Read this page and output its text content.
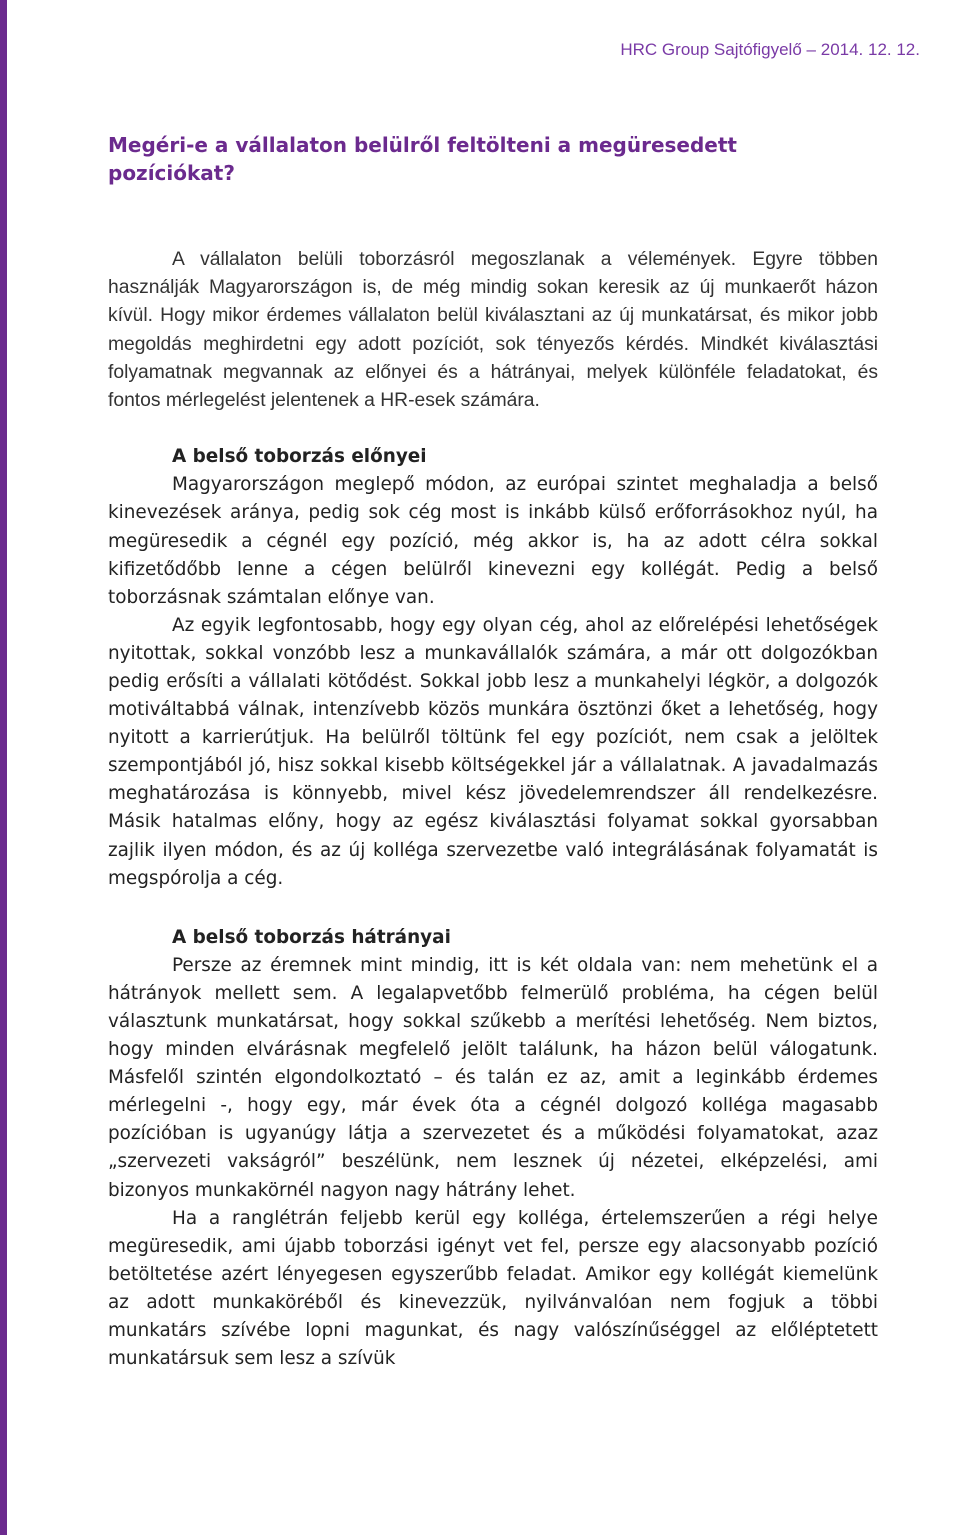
HRC Group Sajtófigyelő – 2014. 12. 12.
Megéri-e a vállalaton belülről feltölteni a megüresedett pozíciókat?

A vállalaton belüli toborzásról megoszlanak a vélemények. Egyre többen használják Magyarországon is, de még mindig sokan keresik az új munkaerőt házon kívül. Hogy mikor érdemes vállalaton belül kiválasztani az új munkatársat, és mikor jobb megoldás meghirdetni egy adott pozíciót, sok tényezős kérdés. Mindkét kiválasztási folyamatnak megvannak az előnyei és a hátrányai, melyek különféle feladatokat, és fontos mérlegelést jelentenek a HR-esek számára.

A belső toborzás előnyei

Magyarországon meglepő módon, az európai szintet meghaladja a belső kinevezések aránya, pedig sok cég most is inkább külső erőforrásokhoz nyúl, ha megüresedik a cégnél egy pozíció, még akkor is, ha az adott célra sokkal kifizetődőbb lenne a cégen belülről kinevezni egy kollégát. Pedig a belső toborzásnak számtalan előnye van.

Az egyik legfontosabb, hogy egy olyan cég, ahol az előrelépési lehetőségek nyitottak, sokkal vonzóbb lesz a munkavállalók számára, a már ott dolgozókban pedig erősíti a vállalati kötődést. Sokkal jobb lesz a munkahelyi légkör, a dolgozók motiváltabbá válnak, intenzívebb közös munkára ösztönzi őket a lehetőség, hogy nyitott a karrierútjuk. Ha belülről töltünk fel egy pozíciót, nem csak a jelöltek szempontjából jó, hisz sokkal kisebb költségekkel jár a vállalatnak. A javadalmazás meghatározása is könnyebb, mivel kész jövedelemrendszer áll rendelkezésre. Másik hatalmas előny, hogy az egész kiválasztási folyamat sokkal gyorsabban zajlik ilyen módon, és az új kolléga szervezetbe való integrálásának folyamatát is megspórolja a cég.

A belső toborzás hátrányai

Persze az éremnek mint mindig, itt is két oldala van: nem mehetünk el a hátrányok mellett sem. A legalapvetőbb felmerülő probléma, ha cégen belül választunk munkatársat, hogy sokkal szűkebb a merítési lehetőség. Nem biztos, hogy minden elvárásnak megfelelő jelölt találunk, ha házon belül válogatunk. Másfelől szintén elgondolkoztató – és talán ez az, amit a leginkább érdemes mérlegelni -, hogy egy, már évek óta a cégnél dolgozó kolléga magasabb pozícióban is ugyanúgy látja a szervezetet és a működési folyamatokat, azaz „szervezeti vakságról” beszélünk, nem lesznek új nézetei, elképzelési, ami bizonyos munkakörnél nagyon nagy hátrány lehet.

Ha a ranglétrán feljebb kerül egy kolléga, értelemszerűen a régi helye megüresedik, ami újabb toborzási igényt vet fel, persze egy alacsonyabb pozíció betöltetése azért lényegesen egyszerűbb feladat. Amikor egy kollégát kiemelünk az adott munkaköréből és kinevezzük, nyilvánvalóan nem fogjuk a többi munkatárs szívébe lopni magunkat, és nagy valószínűséggel az előléptetett munkatársuk sem lesz a szívük
